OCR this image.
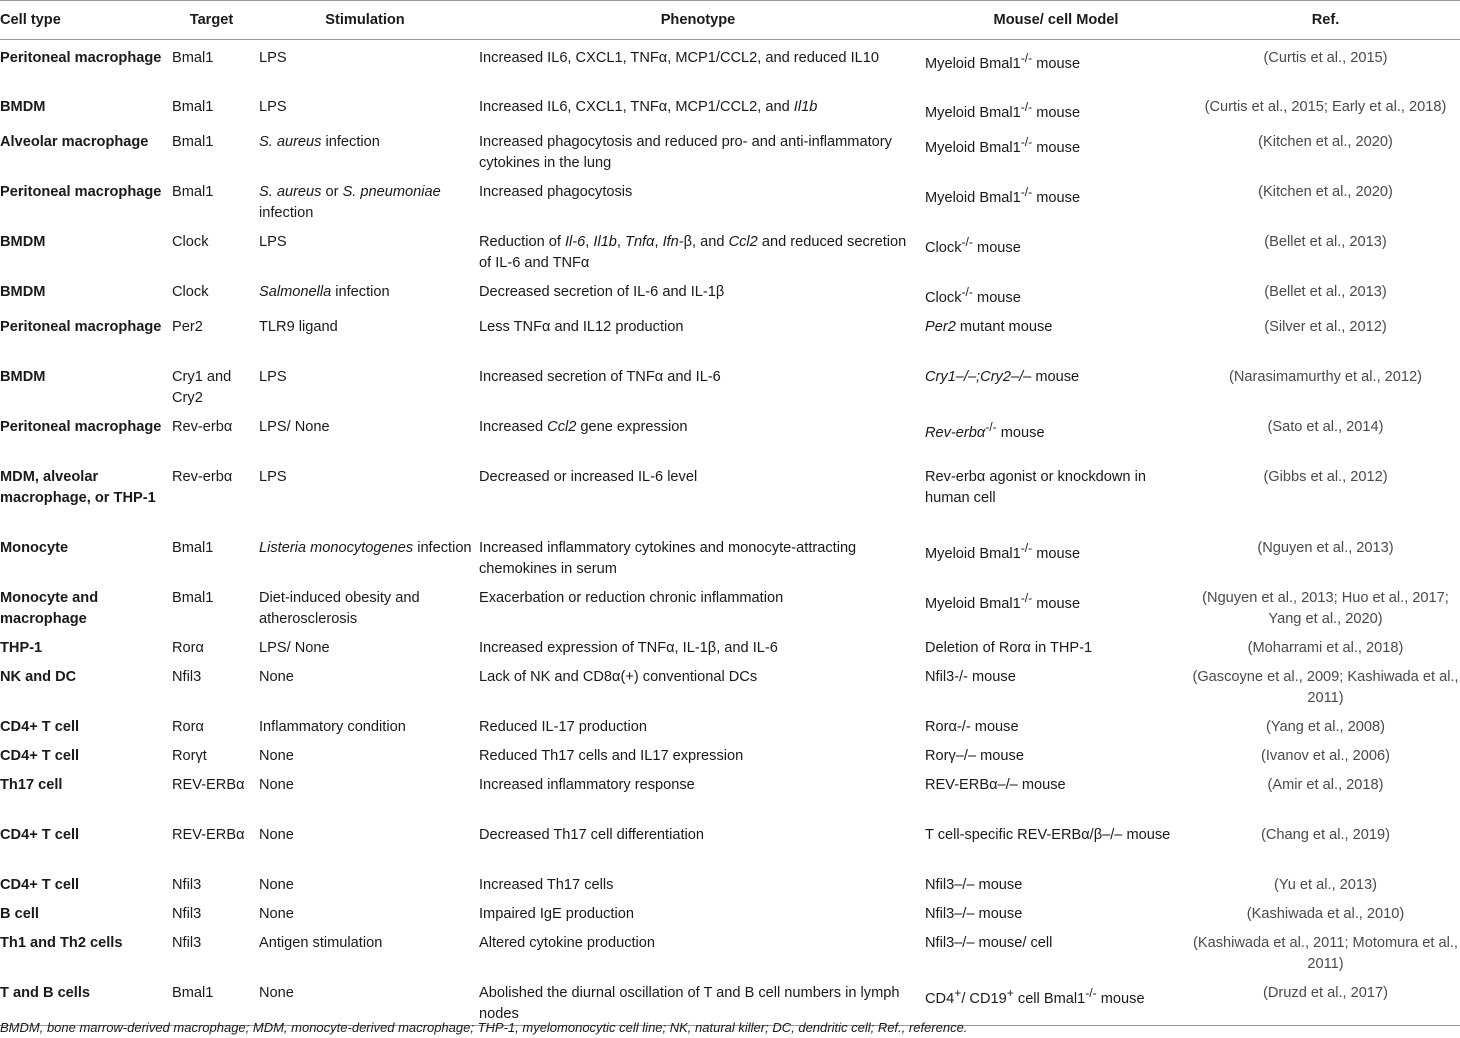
Cell type	Target	Stimulation	Phenotype	Mouse/ cell Model	Ref.
Peritoneal macrophage	Bmal1	LPS	Increased IL6, CXCL1, TNFα, MCP1/CCL2, and reduced IL10	Myeloid Bmal1-/- mouse	(Curtis et al., 2015)
BMDM	Bmal1	LPS	Increased IL6, CXCL1, TNFα, MCP1/CCL2, and Il1b	Myeloid Bmal1-/- mouse	(Curtis et al., 2015; Early et al., 2018)
Alveolar macrophage	Bmal1	S. aureus infection	Increased phagocytosis and reduced pro- and anti-inflammatory cytokines in the lung	Myeloid Bmal1-/- mouse	(Kitchen et al., 2020)
Peritoneal macrophage	Bmal1	S. aureus or S. pneumoniae infection	Increased phagocytosis	Myeloid Bmal1-/- mouse	(Kitchen et al., 2020)
BMDM	Clock	LPS	Reduction of Il-6, Il1b, Tnfα, Ifn-β, and Ccl2 and reduced secretion of IL-6 and TNFα	Clock-/- mouse	(Bellet et al., 2013)
BMDM	Clock	Salmonella infection	Decreased secretion of IL-6 and IL-1β	Clock-/- mouse	(Bellet et al., 2013)
Peritoneal macrophage	Per2	TLR9 ligand	Less TNFα and IL12 production	Per2 mutant mouse	(Silver et al., 2012)
BMDM	Cry1 and Cry2	LPS	Increased secretion of TNFα and IL-6	Cry1–/–;Cry2–/– mouse	(Narasimamurthy et al., 2012)
Peritoneal macrophage	Rev-erbα	LPS/ None	Increased Ccl2 gene expression	Rev-erbα-/- mouse	(Sato et al., 2014)
MDM, alveolar macrophage, or THP-1	Rev-erbα	LPS	Decreased or increased IL-6 level	Rev-erbα agonist or knockdown in human cell	(Gibbs et al., 2012)
Monocyte	Bmal1	Listeria monocytogenes infection	Increased inflammatory cytokines and monocyte-attracting chemokines in serum	Myeloid Bmal1-/- mouse	(Nguyen et al., 2013)
Monocyte and macrophage	Bmal1	Diet-induced obesity and atherosclerosis	Exacerbation or reduction chronic inflammation	Myeloid Bmal1-/- mouse	(Nguyen et al., 2013; Huo et al., 2017; Yang et al., 2020)
THP-1	Rorα	LPS/ None	Increased expression of TNFα, IL-1β, and IL-6	Deletion of Rorα in THP-1	(Moharrami et al., 2018)
NK and DC	Nfil3	None	Lack of NK and CD8α(+) conventional DCs	Nfil3-/- mouse	(Gascoyne et al., 2009; Kashiwada et al., 2011)
CD4+ T cell	Rorα	Inflammatory condition	Reduced IL-17 production	Rorα-/- mouse	(Yang et al., 2008)
CD4+ T cell	Rorγt	None	Reduced Th17 cells and IL17 expression	Rorγ–/– mouse	(Ivanov et al., 2006)
Th17 cell	REV-ERBα	None	Increased inflammatory response	REV-ERBα–/– mouse	(Amir et al., 2018)
CD4+ T cell	REV-ERBα	None	Decreased Th17 cell differentiation	T cell-specific REV-ERBα/β–/– mouse	(Chang et al., 2019)
CD4+ T cell	Nfil3	None	Increased Th17 cells	Nfil3–/– mouse	(Yu et al., 2013)
B cell	Nfil3	None	Impaired IgE production	Nfil3–/– mouse	(Kashiwada et al., 2010)
Th1 and Th2 cells	Nfil3	Antigen stimulation	Altered cytokine production	Nfil3–/– mouse/ cell	(Kashiwada et al., 2011; Motomura et al., 2011)
T and B cells	Bmal1	None	Abolished the diurnal oscillation of T and B cell numbers in lymph nodes	CD4+/ CD19+ cell Bmal1-/- mouse	(Druzd et al., 2017)
BMDM, bone marrow-derived macrophage; MDM, monocyte-derived macrophage; THP-1, myelomonocytic cell line; NK, natural killer; DC, dendritic cell; Ref., reference.
